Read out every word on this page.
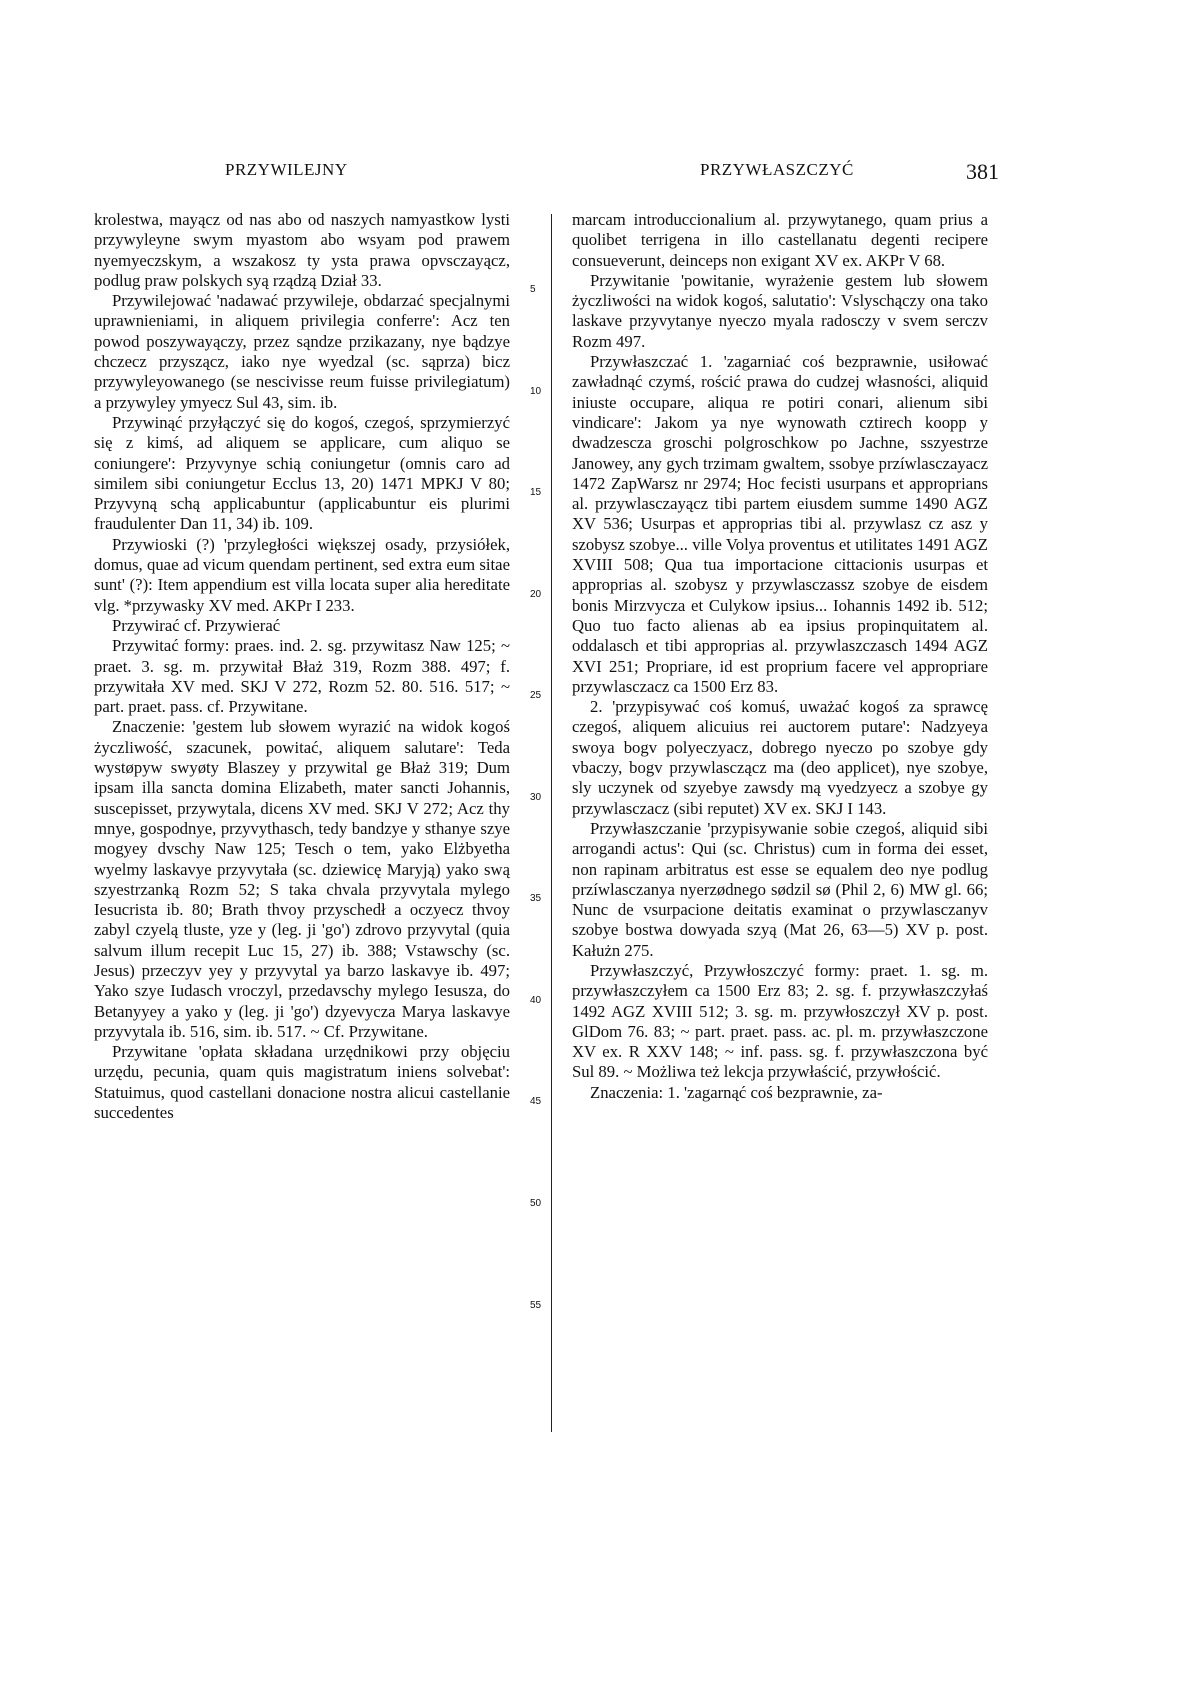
PRZYWILEJNY	PRZYWŁASZCZYĆ	381

krolestwa, mayącz od nas abo od naszych namyastkow lysti przywyleyne swym myastom abo wsyam pod prawem nyemyeczskym, a wszakosz ty ysta prawa opvsczayącz, podlug praw polskych syą rządzą Dział 33.

Przywilejować 'nadawać przywileje, obdarzać specjalnymi uprawnieniami, in aliquem privilegia conferre': Acz ten powod poszywayączy, przez sąndze przikazany, nye bądzye chczecz przyszącz, iako nye wyedzal (sc. sąprza) bicz przywyleyowanego (se nescivisse reum fuisse privilegiatum) a przywyley ymyecz Sul 43, sim. ib.
Przywinąć przyłączyć się do kogoś, czegoś, sprzymierzyć się z kimś, ad aliquem se applicare, cum aliquo se coniungere': Przyvynye schią coniungetur (omnis caro ad similem sibi coniungetur Ecclus 13, 20) 1471 MPKJ V 80; Przyvyną schą applicabuntur (applicabuntur eis plurimi fraudulenter Dan 11, 34) ib. 109.
Przywioski (?) 'przyległości większej osady, przysiółek, domus, quae ad vicum quendam pertinent, sed extra eum sitae sunt' (?): Item appendium est villa locata super alia hereditate vlg. *przywasky XV med. AKPr I 233.
Przywirać cf. Przywierać
Przywitać formy: praes. ind. 2. sg. przywitasz Naw 125; ~ praet. 3. sg. m. przywitał Błaż 319, Rozm 388. 497; f. przywitała XV med. SKJ V 272, Rozm 52. 80. 516. 517; ~ part. praet. pass. cf. Przywitane.
Znaczenie: 'gestem lub słowem wyrazić na widok kogoś życzliwość, szacunek, powitać, aliquem salutare': Teda wystøpyw swyøty Blaszey y przywital ge Błaż 319; Dum ipsam illa sancta domina Elizabeth, mater sancti Johannis, suscepisset, przywytala, dicens XV med. SKJ V 272; Acz thy mnye, gospodnye, przyvythasch, tedy bandzye y sthanye szye mogyey dvschy Naw 125; Tesch o tem, yako Elżbyetha wyelmy laskavye przyvytała (sc. dziewicę Maryją) yako swą szyestrzanką Rozm 52; S taka chvala przyvytala mylego Iesucrista ib. 80; Brath thvoy przyschedł a oczyecz thvoy zabyl czyelą tluste, yze y (leg. ji 'go') zdrovo przyvytal (quia salvum illum recepit Luc 15, 27) ib. 388; Vstawschy (sc. Jesus) przeczyv yey y przyvytal ya barzo laskavye ib. 497; Yako szye Iudasch vroczyl, przedavschy mylego Iesusza, do Betanyyey a yako y (leg. ji 'go') dzyevycza Marya laskavye przyvytala ib. 516, sim. ib. 517. ~ Cf. Przywitane.
Przywitane 'opłata składana urzędnikowi przy objęciu urzędu, pecunia, quam quis magistratum iniens solvebat': Statuimus, quod castellani donacione nostra alicui castellanie succedentes
5
10
15
20
25
30
35
40
45
50
55

marcam introduccionalium al. przywytanego, quam prius a quolibet terrigena in illo castellanatu degenti recipere consueverunt, deinceps non exigant XV ex. AKPr V 68.

Przywitanie 'powitanie, wyrażenie gestem lub słowem życzliwości na widok kogoś, salutatio': Vslyschączy ona tako laskave przyvytanye nyeczo myala radosczy v svem serczv Rozm 497.
Przywłaszczać 1. 'zagarniać coś bezprawnie, usiłować zawładnąć czymś, rościć prawa do cudzej własności, aliquid iniuste occupare, aliqua re potiri conari, alienum sibi vindicare': Jakom ya nye wynowath cztirech koopp y dwadzescza groschi polgroschkow po Jachne, sszyestrze Janowey, any gych trzimam gwaltem, ssobye przíwlasczayacz 1472 ZapWarsz nr 2974; Hoc fecisti usurpans et approprians al. przywlasczayącz tibi partem eiusdem summe 1490 AGZ XV 536; Usurpas et approprias tibi al. przywlasz cz asz y szobysz szobye... ville Volya proventus et utilitates 1491 AGZ XVIII 508; Qua tua importacione cittacionis usurpas et approprias al. szobysz y przywlasczassz szobye de eisdem bonis Mirzvycza et Culykow ipsius... Iohannis 1492 ib. 512; Quo tuo facto alienas ab ea ipsius propinquitatem al. oddalasch et tibi approprias al. przywlaszczasch 1494 AGZ XVI 251; Propriare, id est proprium facere vel appropriare przywlasczacz ca 1500 Erz 83.
2. 'przypisywać coś komuś, uważać kogoś za sprawcę czegoś, aliquem alicuius rei auctorem putare': Nadzyeya swoya bogv polyeczyacz, dobrego nyeczo po szobye gdy vbaczy, bogv przywlasczącz ma (deo applicet), nye szobye, sly uczynek od szyebye zawsdy mą vyedzyecz a szobye gy przywlasczacz (sibi reputet) XV ex. SKJ I 143.
Przywłaszczanie 'przypisywanie sobie czegoś, aliquid sibi arrogandi actus': Qui (sc. Christus) cum in forma dei esset, non rapinam arbitratus est esse se equalem deo nye podlug przíwlasczanya nyerzødnego sødzil sø (Phil 2, 6) MW gl. 66; Nunc de vsurpacione deitatis examinat o przywlasczanyv szobye bostwa dowyada szyą (Mat 26, 63—5) XV p. post. Kałużn 275.
Przywłaszczyć, Przywłoszczyć formy: praet. 1. sg. m. przywłaszczyłem ca 1500 Erz 83; 2. sg. f. przywłaszczyłaś 1492 AGZ XVIII 512; 3. sg. m. przywłoszczył XV p. post. GlDom 76. 83; ~ part. praet. pass. ac. pl. m. przywłaszczone XV ex. R XXV 148; ~ inf. pass. sg. f. przywłaszczona być Sul 89. ~ Możliwa też lekcja przywłaścić, przywłościć.
Znaczenia: 1. 'zagarnąć coś bezprawnie, za-
